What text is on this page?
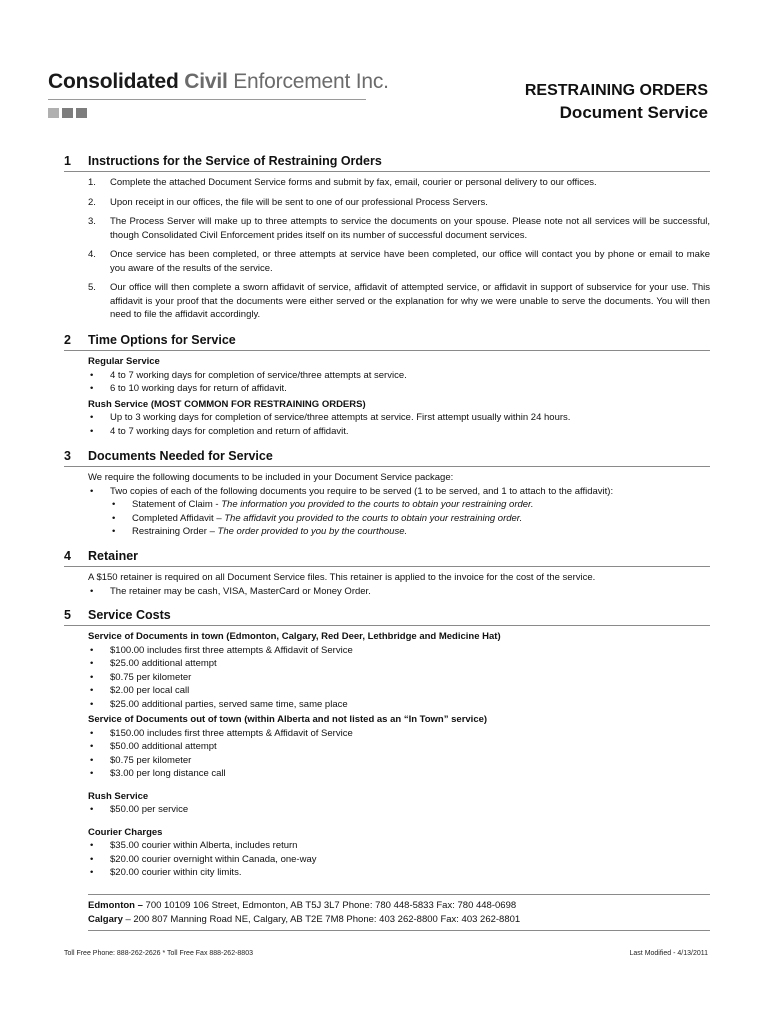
Consolidated Civil Enforcement Inc.	RESTRAINING ORDERS
Document Service
1 Instructions for the Service of Restraining Orders
1. Complete the attached Document Service forms and submit by fax, email, courier or personal delivery to our offices.
2. Upon receipt in our offices, the file will be sent to one of our professional Process Servers.
3. The Process Server will make up to three attempts to service the documents on your spouse. Please note not all services will be successful, though Consolidated Civil Enforcement prides itself on its number of successful document services.
4. Once service has been completed, or three attempts at service have been completed, our office will contact you by phone or email to make you aware of the results of the service.
5. Our office will then complete a sworn affidavit of service, affidavit of attempted service, or affidavit in support of subservice for your use. This affidavit is your proof that the documents were either served or the explanation for why we were unable to serve the documents. You will then need to file the affidavit accordingly.
2 Time Options for Service
Regular Service
• 4 to 7 working days for completion of service/three attempts at service.
• 6 to 10 working days for return of affidavit.
Rush Service (MOST COMMON FOR RESTRAINING ORDERS)
• Up to 3 working days for completion of service/three attempts at service. First attempt usually within 24 hours.
• 4 to 7 working days for completion and return of affidavit.
3 Documents Needed for Service
We require the following documents to be included in your Document Service package:
• Two copies of each of the following documents you require to be served (1 to be served, and 1 to attach to the affidavit):
• Statement of Claim - The information you provided to the courts to obtain your restraining order.
• Completed Affidavit – The affidavit you provided to the courts to obtain your restraining order.
• Restraining Order – The order provided to you by the courthouse.
4 Retainer
A $150 retainer is required on all Document Service files. This retainer is applied to the invoice for the cost of the service.
• The retainer may be cash, VISA, MasterCard or Money Order.
5 Service Costs
Service of Documents in town (Edmonton, Calgary, Red Deer, Lethbridge and Medicine Hat)
• $100.00 includes first three attempts & Affidavit of Service
• $25.00 additional attempt
• $0.75 per kilometer
• $2.00 per local call
• $25.00 additional parties, served same time, same place
Service of Documents out of town (within Alberta and not listed as an “In Town” service)
• $150.00 includes first three attempts & Affidavit of Service
• $50.00 additional attempt
• $0.75 per kilometer
• $3.00 per long distance call
Rush Service
• $50.00 per service
Courier Charges
• $35.00 courier within Alberta, includes return
• $20.00 courier overnight within Canada, one-way
• $20.00 courier within city limits.
Edmonton – 700 10109 106 Street, Edmonton, AB T5J 3L7 Phone: 780 448-5833 Fax: 780 448-0698
Calgary – 200 807 Manning Road NE, Calgary, AB T2E 7M8 Phone: 403 262-8800 Fax: 403 262-8801
Toll Free Phone: 888-262-2626 * Toll Free Fax 888-262-8803	Last Modified - 4/13/2011
